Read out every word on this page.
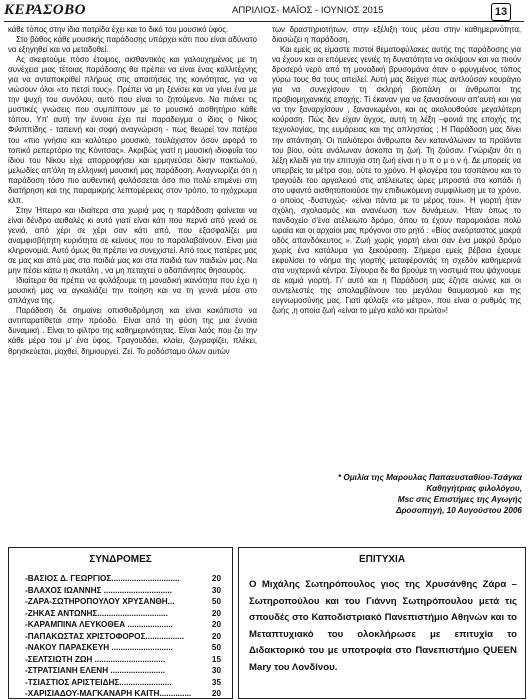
ΚΕΡΑΣΟΒΟ	ΑΠΡΙΛΙΟΣ- ΜΑΪΟΣ - ΙΟΥΝΙΟΣ 2015	13

κάθε τόπος στην ίδια πατρίδα έχει και το δικό του μουσικό ύφος.

Στο βάθος κάθε μουσικής παράδοσης υπάρχει κάτι που είναι αδύνατο να εξηγηθεί και να μεταδοθεί.

Ας σκεφτούμε πόσο έτοιμος, αισθαντικός και γαλουχημένος με τη συνέχεια μιας τέτοιας παράδοσης θα πρέπει να είναι ένας καλλιτέχνης για να ανταποκριθεί πλήρως στις απαιτήσεις της κοινότητας, για να νιώσουν όλοι «το πετσί τους». Πρέπει να μη ξενίσει και να γίνει ένα με την ψυχή του συνόλου, αυτό που είναι το ζητούμενο. Να πιάνει τις μυστικές γνώσεις που συμπίπτουν με το μουσικό αισθητήριο κάθε τόπου. Υπ' αυτή την έννοια έχει πεί παραδειγμα ο ίδιος ο Νίκος Φιλιππίδης - ταπεινή και σοφή αναγνώριση - πως θεωρεί τον πατέρα του «πιο γνήσιο και καλύτερο μουσικό, τουλάχιστον όσον αφορά το τοπικό ρεπερτόριο της Κόνιτσας». Ακριβώς γιατί η μουσική ιδιοφυΐα του ίδιου του Νίκου είχε απορροφήσει και ερμηνεύσει δίκην πακτωλού, μελωδίες απ'όλη τη ελληνική μουσική μας παράδοση. Αναγνωρίζει ότι η παράδοση τόσο πιο αυθεντική φυλάσσεται όσο πιο πολύ επιμένει στη διατήρηση και της παραμικρής λεπτομέρειας στον τρόπο, το ηχόχρωμα κλπ.

Στην Ήπειρο και ιδιαίτερα στα χωριά μας η παράδοση φαίνεται να είναι δένδρο αειθαλές κι αυτό γιατί είναι κάτι που περνά από γενιά σε γενιά, από χέρι σε χέρι σαν κάτι από, που εξασφαλίζει μια αναμφισβήτητη κυριότητα σε κείνους που το παραλαβαίνουν. Είναι μια κληρονομιά. Αυτό όμως θα πρέπει να συνεχιστεί. Από τους πατέρες μας σε μας και από μας στα παιδιά μας και στα παιδιά των παιδιών μας. Να μην πέσει κάτω η σκυτάλη , να μη πεταχτεί ο αδαπάνητος θησαυρός.

Ιδιαίτερα θα πρέπει να φυλάξουμε τη μοναδική ικανότητα που έχει η μουσική μας να αγκαλιάζει την ποίηση και να τη γεννά μέσα στο σπλάχνα της.

Παράδοση δε σημαίνει οπισθοδρόμηση και είναι κακόπιστο να αντιπαρατίθεται στην πρόοδο. Είναι από τη φύση της μια έννοια δυναμική . Είναι το φίλτρο της καθημερινότητας. Είναι λαός που ζει την κάθε μέρα του μ' ένα ύφος. Τραγουδάει, κλαίει, ζωγραφίζει, πλέκει, θρησκεύεται, μοχθεί, δημιουργεί. Ζεί. Το ροδόσταμο όλων αυτών

των δραστηριοτήτων, στην εξέλιξη τους μέσα στην καθημερινότητα, διασώζει η παράδοση.

Και εμείς ας είμαστε πιστοί θεματοφύλακες αυτής της παράδοσης για να έχουν και οι επόμενες γενιές τη δυνατότητα να σκύψουν και να πιούν δροσερό νερό από τη μοναδική βρυσομάνα όταν ο φρυγμένος τόπος γύρω τους θα τους απειλεί. Αυτή μας δείχνει πως αντλούσαν κουράγιο για να συνεχίσουν τη σκληρή βιοπάλη οι άνθρωποι της προβιομηχανικής εποχής. Τί έκαναν για να ξανασάνουν απ'αυτή και για να την ξαναρχίσουν , ξανανιωμένοι, και ας ακολουθούσε μεγαλύτερη κούραση. Πώς δεν είχαν άγχος, αυτή τη λέξη –φονιά της εποχής της τεχνολογίας, της ευμάρειας και της απληστίας ; Η Παράδοση μας δίνει την απάντηση. Οι παλιότεροι άνθρωποι δεν κατανάλωναν τα προϊόντα του βίου, ούτε ανάλωναν άσκοπα τη ζωή. Τη ζούσαν. Γνώριζαν ότι η λέξη κλειδί για την επιτυχία στη ζωή είναι η υ π ο μ ο ν ή. Δε μπορείς να υπερβείς τα μέτρα σου, ούτε το χρόνο. Η φλογέρα του τσοπάνου και το τραγούδι του αργαλειού στις ατέλειωτες ώρες μπροστά στο κοπάδι ή στο υφαντό αισθητοποιούσε την επιδιωκόμενη συμφιλίωση με το χρόνο, ο οποίος -δυστυχώς- «είναι πάντα με το μέρος του». Η γιορτή ήταν σχόλη, σχολασμός και ανανέωση των δυνάμεων. Ήταν όπως το πανδοχείο σ'ένα ατέλειωτο δρόμο, όπου το έχουν παρομοιάσει πολύ ωραία και οι αρχαίοι μας πρόγονοι στο ρητό : «Βίος ανεόρταστος μακρά οδός απανδόκευτος ». Ζωή χωρίς γιορτή είναι σαν ένα μακρύ δρόμο χωρίς ένα κατάλυμα για ξεκούραση. Σήμερα εμείς βέβαια έχουμε εκφυλίσει το νόημα της γιορτής μεταφέροντάς τη σχεδόν καθημερινά στα νυχτερινά κέντρα. Σίγουρα δε θα βρούμε τη νοστιμιά που ψάχνουμε σε καμιά γιορτή. Γι' αυτό και η Παράδοση μας έζησε αιώνες και οι συντελεστές της απολαμβάνουν του μεγάλου θαυμασμού και της ευγνωμοσύνης μας. Γιατί φύλαξε «το μέτρο», που είναι ο ρυθμός της ζωής ,η οποία ζωή «είναι το μέγα καλό και πρώτο»!

* Ομιλία της Μαρουλας Παπαευσταθίου-Τσάγκα
Καθηγήτριας φιλολόγου,
Msc στις Επιστήμες της Αγωγής
Δροσοπηγή, 10 Αυγούστου 2006
ΣΥΝΔΡΟΜΕΣ
-ΒΑΣΙΟΣ Δ. ΓΕΩΡΓΙΟΣ..............................	20
-ΒΛΑΧΟΣ ΙΩΑΝΝΗΣ ..............................	30
-ΖΑΡΑ-ΣΩΤΗΡΟΠΟΥΛΟΥ ΧΡΥΣΑΝΘΗ...	50
-ΖΗΚΑΣ ΑΝΤΩΝΗΣ...............................	20
-ΚΑΡΑΜΠΙΝΑ ΛΕΥΚΟΘΕΑ ....................	20
-ΠΑΠΑΚΩΣΤΑΣ ΧΡΙΣΤΟΦΟΡΟΣ.................	20
-ΝΑΚΟΥ ΠΑΡΑΣΚΕΥΗ ...........................	50
-ΣΕΛΤΣΙΩΤΗ ΖΩΗ ...............................	15
-ΣΤΡΑΤΣΙΑΝΗ ΕΛΕΝΗ ........................	30
-ΤΣΙΑΣΤΙΟΣ ΑΡΙΣΤΕΙΔΗΣ.......................	35
-ΧΑΡΙΣΙΑΔΟΥ-ΜΑΓΚΑΝΑΡΗ ΚΑΙΤΗ..............	20
ΕΠΙΤΥΧΙΑ
Ο Μιχάλης Σωτηρόπουλος γιος της Χρυσάνθης Ζάρα – Σωτηροπούλου και του Γιάννη Σωτηρόπουλου μετά τις σπουδές στο Καποδιστριακό Πανεπιστήμιο Αθηνών και το Μεταπτυχιακό του ολοκλήρωσε με επιτυχία το Διδακτορικό του με υποτροφία στο Πανεπιστήμιο QUEEN Mary του Λονδίνου.
